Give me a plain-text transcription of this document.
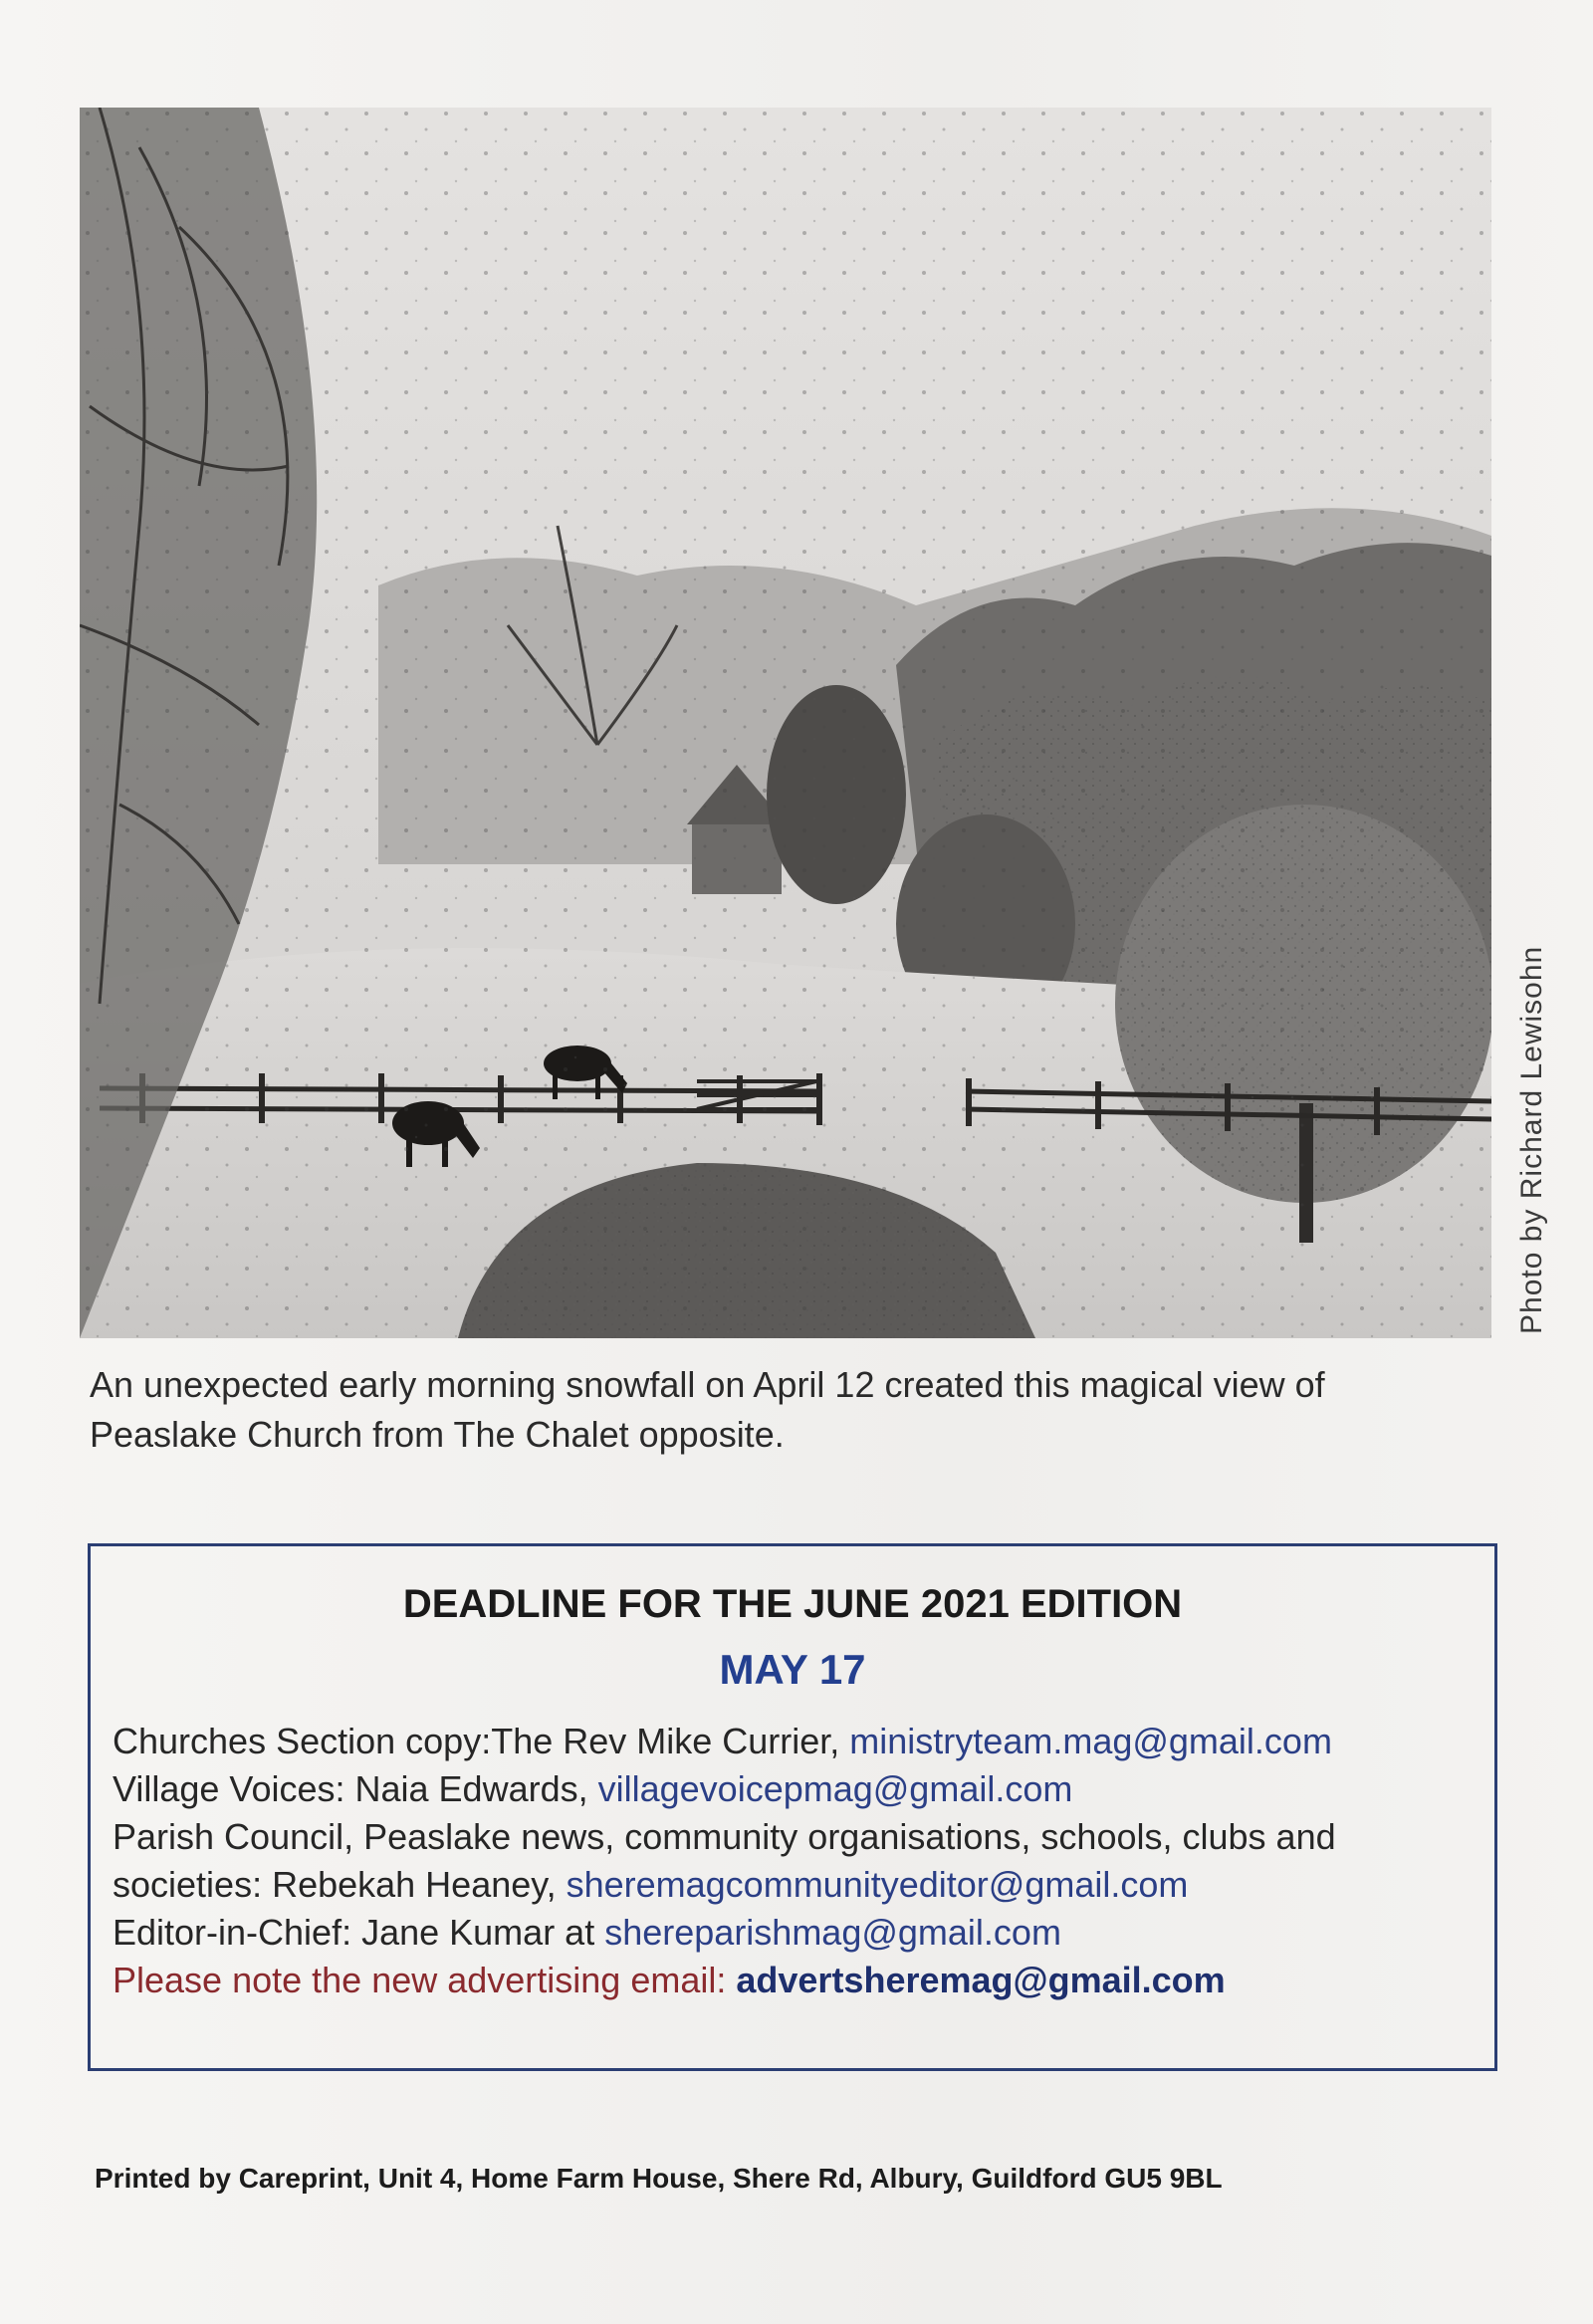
Photo by Richard Lewisohn
An unexpected early morning snowfall on April 12 created this magical view of
Peaslake Church from The Chalet opposite.
DEADLINE FOR THE JUNE 2021 EDITION
MAY 17
Churches Section copy:The Rev Mike Currier, ministryteam.mag@gmail.com
Village Voices: Naia Edwards, villagevoicepmag@gmail.com
Parish Council, Peaslake news, community organisations, schools, clubs and
societies: Rebekah Heaney, sheremagcommunityeditor@gmail.com
Editor-in-Chief: Jane Kumar at shereparishmag@gmail.com
Please note the new advertising email: advertsheremag@gmail.com
Printed by Careprint, Unit 4, Home Farm House, Shere Rd, Albury, Guildford GU5 9BL
